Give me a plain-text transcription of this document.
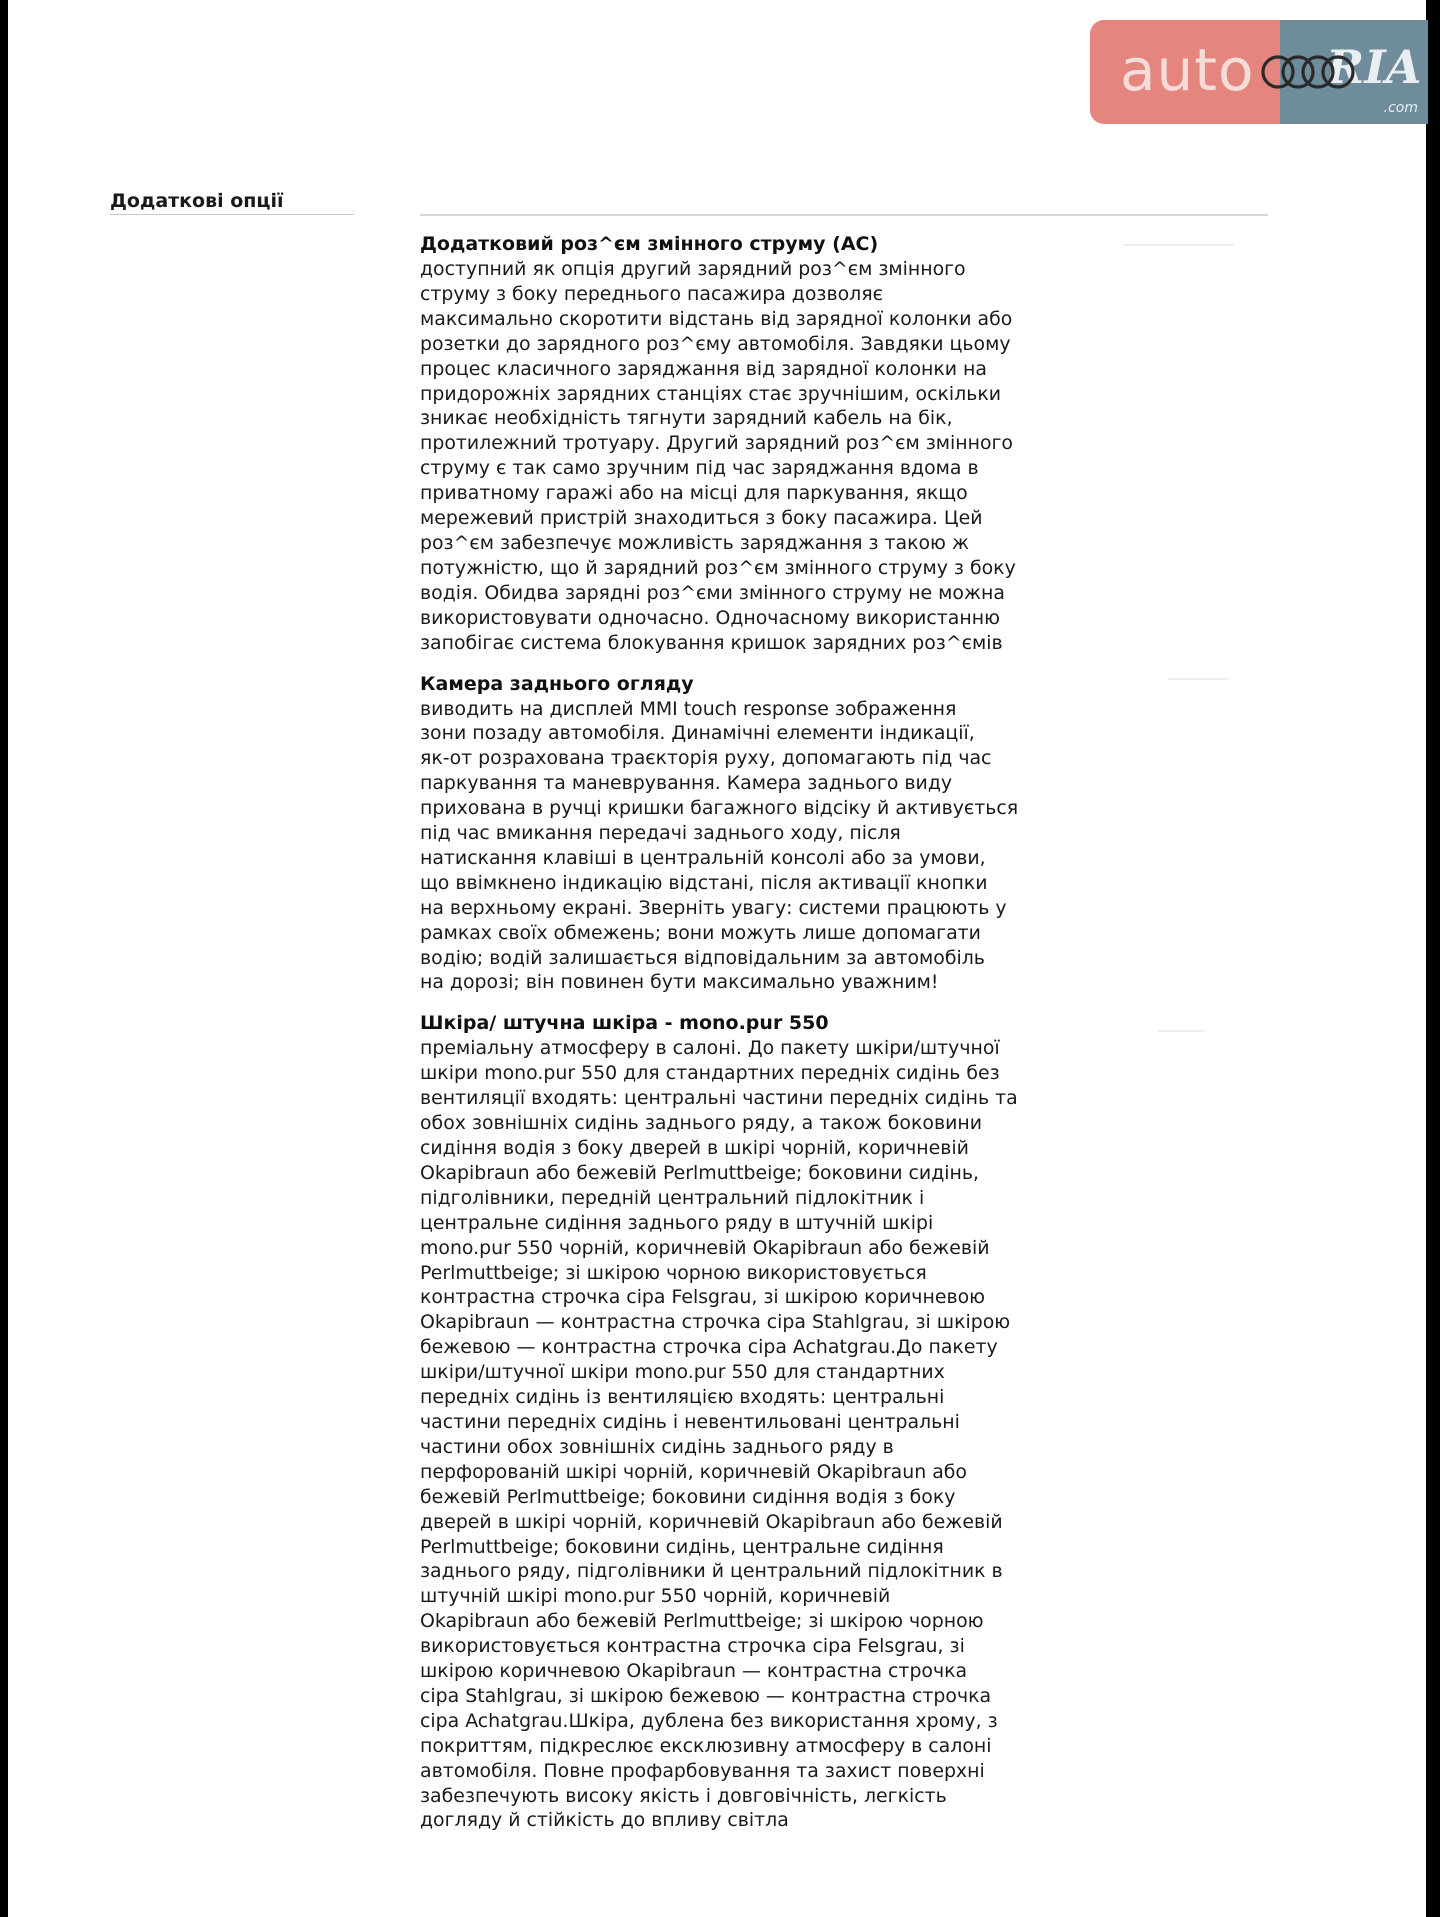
auto RIA
.com
Додаткові опції
Додатковий роз^єм змінного струму (AC)

доступний як опція другий зарядний роз^єм змінного
струму з боку переднього пасажира дозволяє
максимально скоротити відстань від зарядної колонки або
розетки до зарядного роз^єму автомобіля. Завдяки цьому
процес класичного заряджання від зарядної колонки на
придорожніх зарядних станціях стає зручнішим, оскільки
зникає необхідність тягнути зарядний кабель на бік,
протилежний тротуару. Другий зарядний роз^єм змінного
струму є так само зручним під час заряджання вдома в
приватному гаражі або на місці для паркування, якщо
мережевий пристрій знаходиться з боку пасажира. Цей
роз^єм забезпечує можливість заряджання з такою ж
потужністю, що й зарядний роз^єм змінного струму з боку
водія. Обидва зарядні роз^єми змінного струму не можна
використовувати одночасно. Одночасному використанню
запобігає система блокування кришок зарядних роз^ємів

Камера заднього огляду

виводить на дисплей MMI touch response зображення
зони позаду автомобіля. Динамічні елементи індикації,
як-от розрахована траєкторія руху, допомагають під час
паркування та маневрування. Камера заднього виду
прихована в ручці кришки багажного відсіку й активується
під час вмикання передачі заднього ходу, після
натискання клавіші в центральній консолі або за умови,
що ввімкнено індикацію відстані, після активації кнопки
на верхньому екрані. Зверніть увагу: системи працюють у
рамках своїх обмежень; вони можуть лише допомагати
водію; водій залишається відповідальним за автомобіль
на дорозі; він повинен бути максимально уважним!

Шкіра/ штучна шкіра - mono.pur 550

преміальну атмосферу в салоні. До пакету шкіри/штучної
шкіри mono.pur 550 для стандартних передніх сидінь без
вентиляції входять: центральні частини передніх сидінь та
обох зовнішніх сидінь заднього ряду, а також боковини
сидіння водія з боку дверей в шкірі чорній, коричневій
Okapibraun або бежевій Perlmuttbeige; боковини сидінь,
підголівники, передній центральний підлокітник і
центральне сидіння заднього ряду в штучній шкірі
mono.pur 550 чорній, коричневій Okapibraun або бежевій
Perlmuttbeige; зі шкірою чорною використовується
контрастна строчка сіра Felsgrau, зі шкірою коричневою
Okapibraun — контрастна строчка сіра Stahlgrau, зі шкірою
бежевою — контрастна строчка сіра Achatgrau.До пакету
шкіри/штучної шкіри mono.pur 550 для стандартних
передніх сидінь із вентиляцією входять: центральні
частини передніх сидінь і невентильовані центральні
частини обох зовнішніх сидінь заднього ряду в
перфорованій шкірі чорній, коричневій Okapibraun або
бежевій Perlmuttbeige; боковини сидіння водія з боку
дверей в шкірі чорній, коричневій Okapibraun або бежевій
Perlmuttbeige; боковини сидінь, центральне сидіння
заднього ряду, підголівники й центральний підлокітник в
штучній шкірі mono.pur 550 чорній, коричневій
Okapibraun або бежевій Perlmuttbeige; зі шкірою чорною
використовується контрастна строчка сіра Felsgrau, зі
шкірою коричневою Okapibraun — контрастна строчка
сіра Stahlgrau, зі шкірою бежевою — контрастна строчка
сіра Achatgrau.Шкіра, дублена без використання хрому, з
покриттям, підкреслює ексклюзивну атмосферу в салоні
автомобіля. Повне профарбовування та захист поверхні
забезпечують високу якість і довговічність, легкість
догляду й стійкість до впливу світла
